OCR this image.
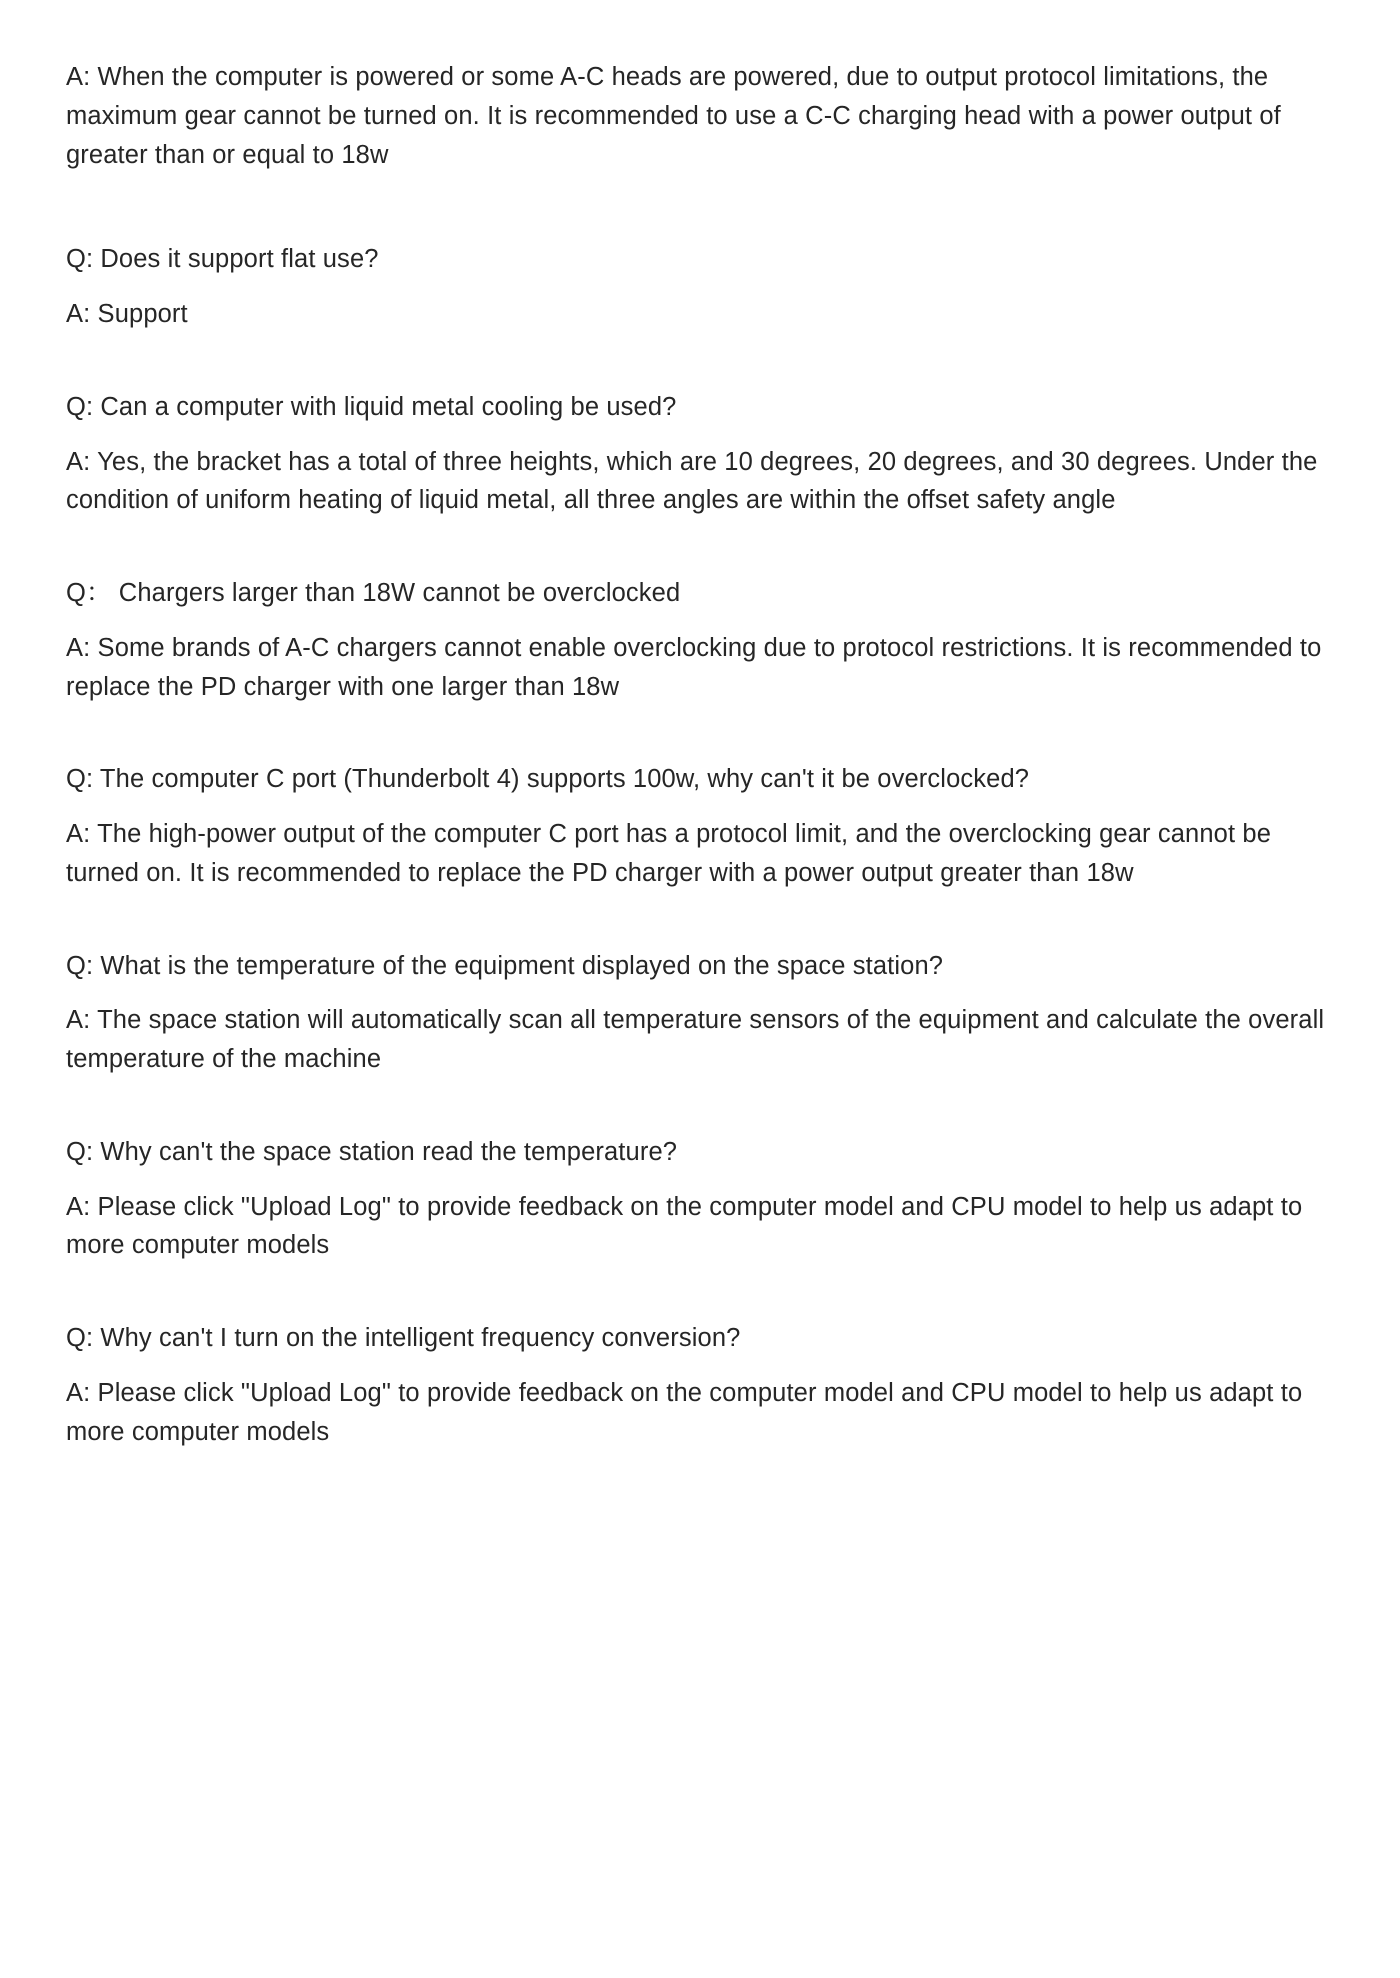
A: When the computer is powered or some A-C heads are powered, due to output protocol limitations, the maximum gear cannot be turned on. It is recommended to use a C-C charging head with a power output of greater than or equal to 18w

Q: Does it support flat use?

A: Support

Q: Can a computer with liquid metal cooling be used?

A: Yes, the bracket has a total of three heights, which are 10 degrees, 20 degrees, and 30 degrees. Under the condition of uniform heating of liquid metal, all three angles are within the offset safety angle

Q： Chargers larger than 18W cannot be overclocked

A: Some brands of A-C chargers cannot enable overclocking due to protocol restrictions. It is recommended to replace the PD charger with one larger than 18w

Q: The computer C port (Thunderbolt 4) supports 100w, why can't it be overclocked?

A: The high-power output of the computer C port has a protocol limit, and the overclocking gear cannot be turned on. It is recommended to replace the PD charger with a power output greater than 18w

Q: What is the temperature of the equipment displayed on the space station?

A: The space station will automatically scan all temperature sensors of the equipment and calculate the overall temperature of the machine

Q: Why can't the space station read the temperature?

A: Please click "Upload Log" to provide feedback on the computer model and CPU model to help us adapt to more computer models

Q: Why can't I turn on the intelligent frequency conversion?

A: Please click "Upload Log" to provide feedback on the computer model and CPU model to help us adapt to more computer models
